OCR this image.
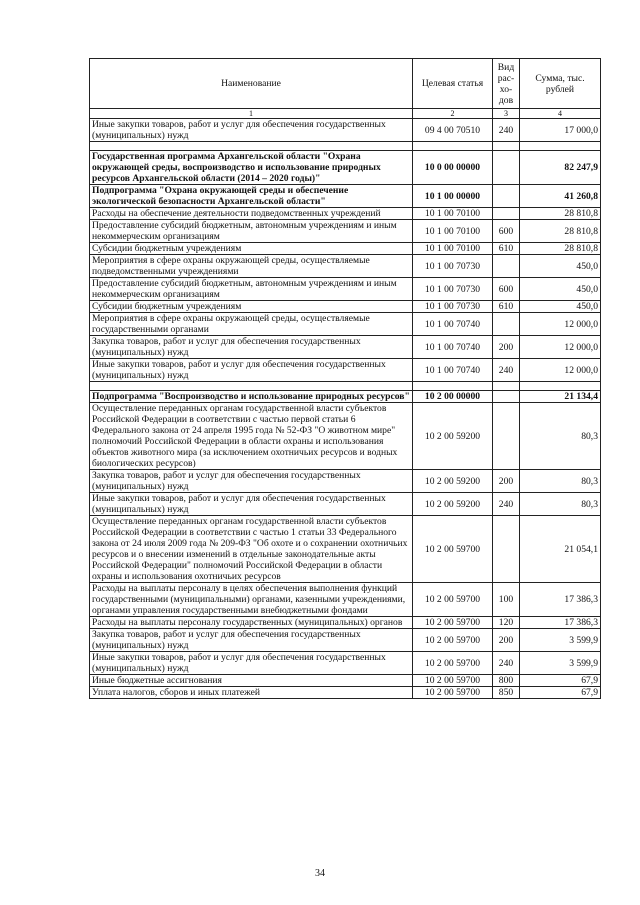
Наименование	Целевая статья	Вид рас-хо-дов	Сумма, тыс. рублей
1	2	3	4
Иные закупки товаров, работ и услуг для обеспечения государственных (муниципальных) нужд	09 4 00 70510	240	17 000,0

Государственная программа Архангельской области "Охрана окружающей среды, воспроизводство и использование природных ресурсов Архангельской области (2014 – 2020 годы)"	10 0 00 00000		82 247,9
Подпрограмма "Охрана окружающей среды и обеспечение экологической безопасности Архангельской области"	10 1 00 00000		41 260,8
Расходы на обеспечение деятельности подведомственных учреждений	10 1 00 70100		28 810,8
Предоставление субсидий бюджетным, автономным учреждениям и иным некоммерческим организациям	10 1 00 70100	600	28 810,8
Субсидии бюджетным учреждениям	10 1 00 70100	610	28 810,8
Мероприятия в сфере охраны окружающей среды, осуществляемые подведомственными учреждениями	10 1 00 70730		450,0
Предоставление субсидий бюджетным, автономным учреждениям и иным некоммерческим организациям	10 1 00 70730	600	450,0
Субсидии бюджетным учреждениям	10 1 00 70730	610	450,0
Мероприятия в сфере охраны окружающей среды, осуществляемые государственными органами	10 1 00 70740		12 000,0
Закупка товаров, работ и услуг для обеспечения государственных (муниципальных) нужд	10 1 00 70740	200	12 000,0
Иные закупки товаров, работ и услуг для обеспечения государственных (муниципальных) нужд	10 1 00 70740	240	12 000,0

Подпрограмма "Воспроизводство и использование природных ресурсов"	10 2 00 00000		21 134,4
Осуществление переданных органам государственной власти субъектов Российской Федерации в соответствии с частью первой статьи 6 Федерального закона от 24 апреля 1995 года № 52-ФЗ "О животном мире" полномочий Российской Федерации в области охраны и использования объектов животного мира (за исключением охотничьих ресурсов и водных биологических ресурсов)	10 2 00 59200		80,3
Закупка товаров, работ и услуг для обеспечения государственных (муниципальных) нужд	10 2 00 59200	200	80,3
Иные закупки товаров, работ и услуг для обеспечения государственных (муниципальных) нужд	10 2 00 59200	240	80,3
Осуществление переданных органам государственной власти субъектов Российской Федерации в соответствии с частью 1 статьи 33 Федерального закона от 24 июля 2009 года № 209-ФЗ "Об охоте и о сохранении охотничьих ресурсов и о внесении изменений в отдельные законодательные акты Российской Федерации" полномочий Российской Федерации в области охраны и использования охотничьих ресурсов	10 2 00 59700		21 054,1
Расходы на выплаты персоналу в целях обеспечения выполнения функций государственными (муниципальными) органами, казенными учреждениями, органами управления государственными внебюджетными фондами	10 2 00 59700	100	17 386,3
Расходы на выплаты персоналу государственных (муниципальных) органов	10 2 00 59700	120	17 386,3
Закупка товаров, работ и услуг для обеспечения государственных (муниципальных) нужд	10 2 00 59700	200	3 599,9
Иные закупки товаров, работ и услуг для обеспечения государственных (муниципальных) нужд	10 2 00 59700	240	3 599,9
Иные бюджетные ассигнования	10 2 00 59700	800	67,9
Уплата налогов, сборов и иных платежей	10 2 00 59700	850	67,9
34
